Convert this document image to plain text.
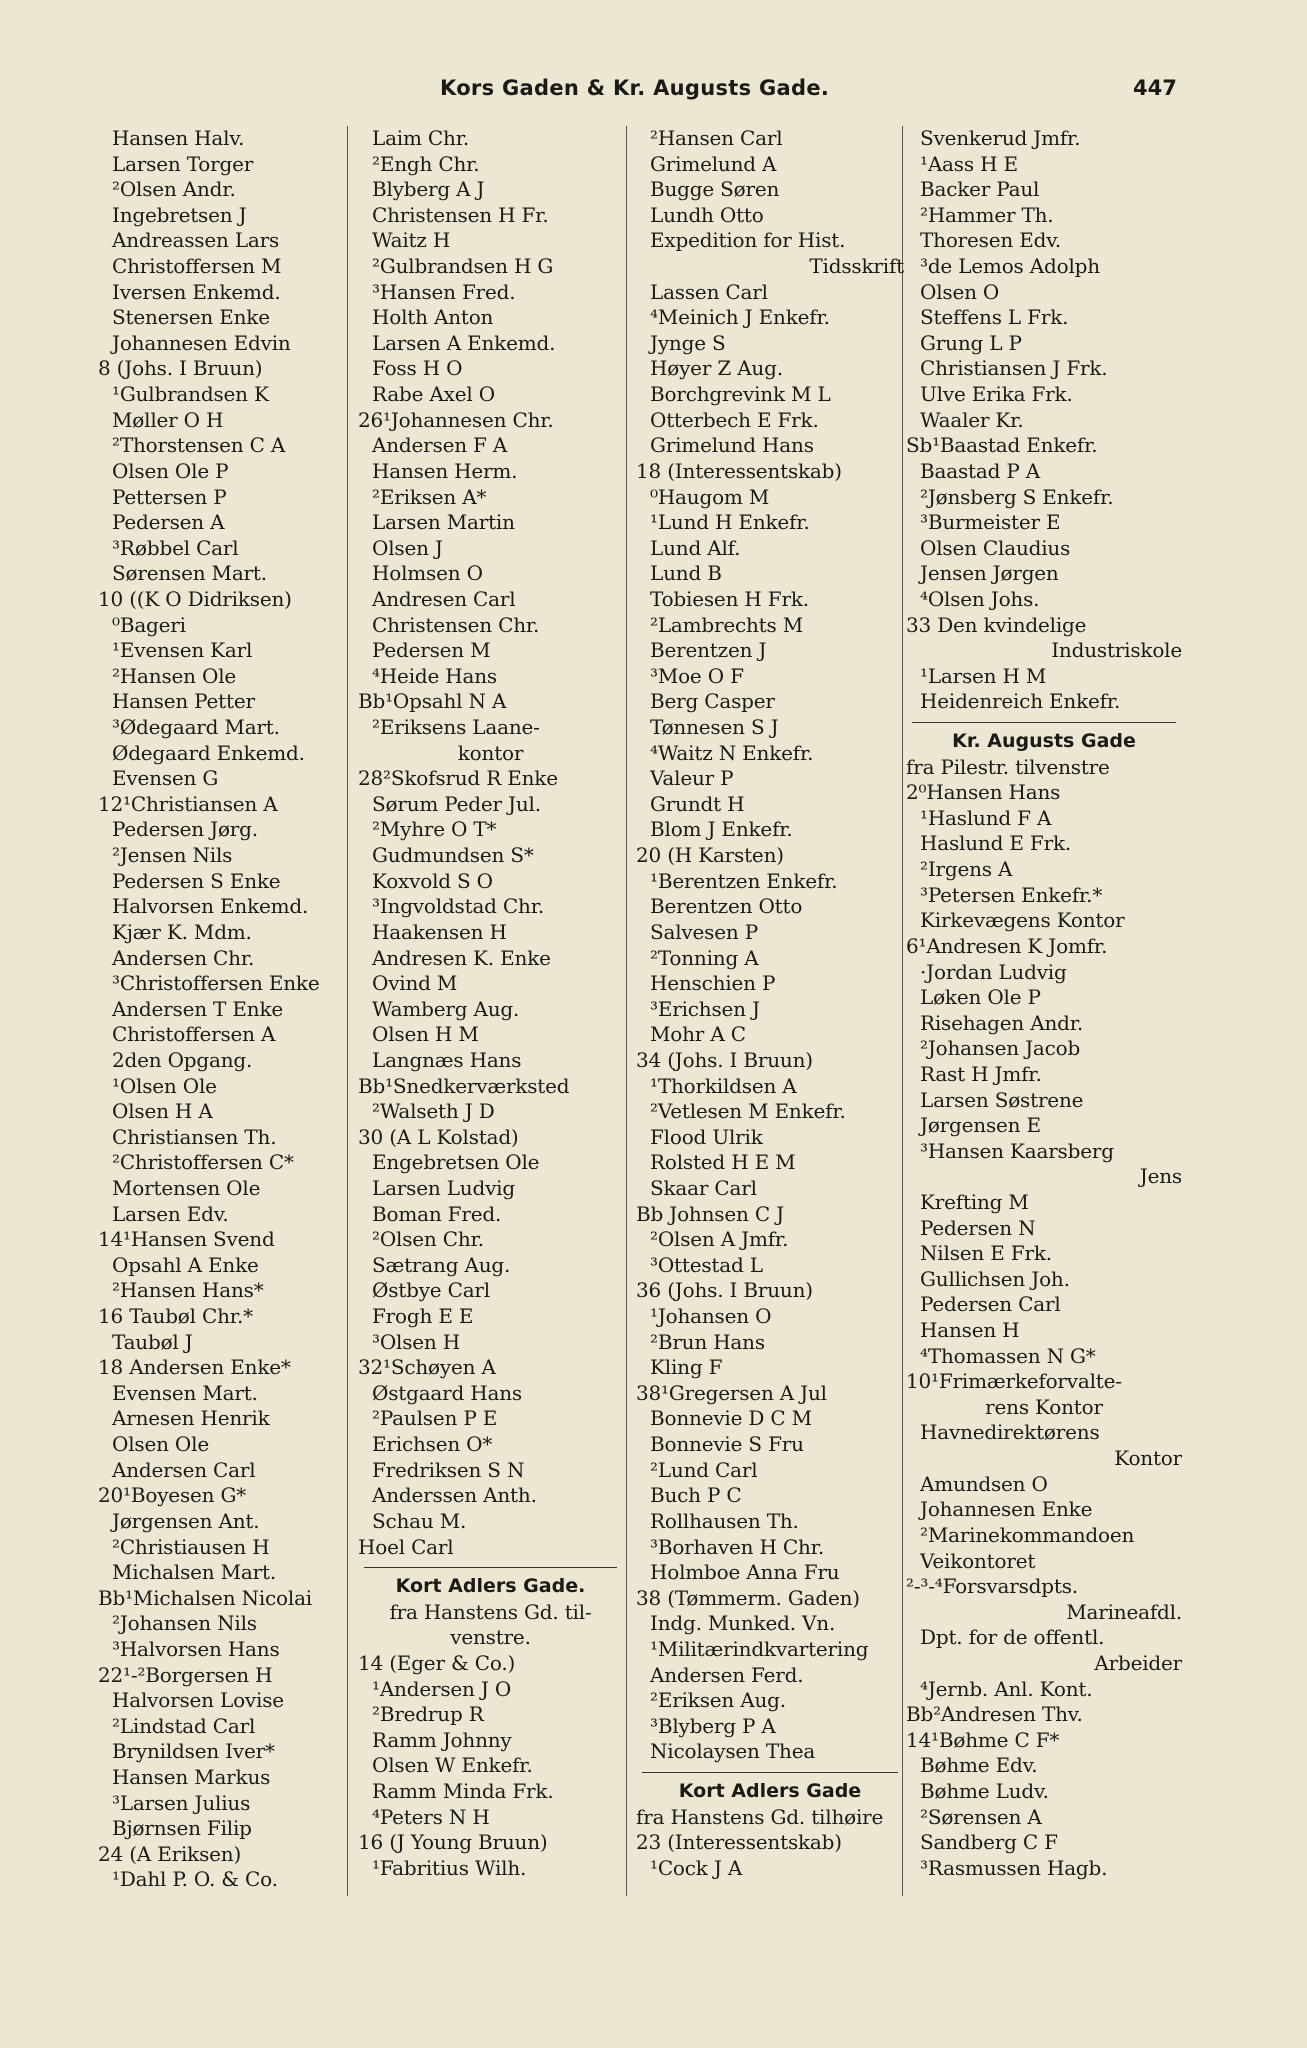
Kors Gaden & Kr. Augusts Gade.	447
Hansen Halv.
Larsen Torger
²Olsen Andr.
Ingebretsen J
Andreassen Lars
Christoffersen M
Iversen Enkemd.
Stenersen Enke
Johannesen Edvin
8 (Johs. I Bruun)
¹Gulbrandsen K
Møller O H
²Thorstensen C A
Olsen Ole P
Pettersen P
Pedersen A
³Røbbel Carl
Sørensen Mart.
10 ((K O Didriksen)
⁰Bageri
¹Evensen Karl
²Hansen Ole
Hansen Petter
³Ødegaard Mart.
Ødegaard Enkemd.
Evensen G
12¹Christiansen A
Pedersen Jørg.
²Jensen Nils
Pedersen S Enke
Halvorsen Enkemd.
Kjær K. Mdm.
Andersen Chr.
³Christoffersen Enke
Andersen T Enke
Christoffersen A
2den Opgang.
¹Olsen Ole
Olsen H A
Christiansen Th.
²Christoffersen C*
Mortensen Ole
Larsen Edv.
14¹Hansen Svend
Opsahl A Enke
²Hansen Hans*
16 Taubøl Chr.*
Taubøl J
18 Andersen Enke*
Evensen Mart.
Arnesen Henrik
Olsen Ole
Andersen Carl
20¹Boyesen G*
Jørgensen Ant.
²Christiausen H
Michalsen Mart.
Bb¹Michalsen Nicolai
²Johansen Nils
³Halvorsen Hans
22¹-²Borgersen H
Halvorsen Lovise
²Lindstad Carl
Brynildsen Iver*
Hansen Markus
³Larsen Julius
Bjørnsen Filip
24 (A Eriksen)
¹Dahl P. O. & Co.
Laim Chr.
²Engh Chr.
Blyberg A J
Christensen H Fr.
Waitz H
²Gulbrandsen H G
³Hansen Fred.
Holth Anton
Larsen A Enkemd.
Foss H O
Rabe Axel O
26¹Johannesen Chr.
Andersen F A
Hansen Herm.
²Eriksen A*
Larsen Martin
Olsen J
Holmsen O
Andresen Carl
Christensen Chr.
Pedersen M
⁴Heide Hans
Bb¹Opsahl N A
²Eriksens Laane-
kontor
28²Skofsrud R Enke
Sørum Peder Jul.
²Myhre O T*
Gudmundsen S*
Koxvold S O
³Ingvoldstad Chr.
Haakensen H
Andresen K. Enke
Ovind M
Wamberg Aug.
Olsen H M
Langnæs Hans
Bb¹Snedkerværksted
²Walseth J D
30 (A L Kolstad)
Engebretsen Ole
Larsen Ludvig
Boman Fred.
²Olsen Chr.
Sætrang Aug.
Østbye Carl
Frogh E E
³Olsen H
32¹Schøyen A
Østgaard Hans
²Paulsen P E
Erichsen O*
Fredriksen S N
Anderssen Anth.
Schau M.
Hoel Carl
Kort Adlers Gade.
fra Hanstens Gd. til-
venstre.
14 (Eger & Co.)
¹Andersen J O
²Bredrup R
Ramm Johnny
Olsen W Enkefr.
Ramm Minda Frk.
⁴Peters N H
16 (J Young Bruun)
¹Fabritius Wilh.
²Hansen Carl
Grimelund A
Bugge Søren
Lundh Otto
Expedition for Hist.
Tidsskrift
Lassen Carl
⁴Meinich J Enkefr.
Jynge S
Høyer Z Aug.
Borchgrevink M L
Otterbech E Frk.
Grimelund Hans
18 (Interessentskab)
⁰Haugom M
¹Lund H Enkefr.
Lund Alf.
Lund B
Tobiesen H Frk.
²Lambrechts M
Berentzen J
³Moe O F
Berg Casper
Tønnesen S J
⁴Waitz N Enkefr.
Valeur P
Grundt H
Blom J Enkefr.
20 (H Karsten)
¹Berentzen Enkefr.
Berentzen Otto
Salvesen P
²Tonning A
Henschien P
³Erichsen J
Mohr A C
34 (Johs. I Bruun)
¹Thorkildsen A
²Vetlesen M Enkefr.
Flood Ulrik
Rolsted H E M
Skaar Carl
Bb Johnsen C J
²Olsen A Jmfr.
³Ottestad L
36 (Johs. I Bruun)
¹Johansen O
²Brun Hans
Kling F
38¹Gregersen A Jul
Bonnevie D C M
Bonnevie S Fru
²Lund Carl
Buch P C
Rollhausen Th.
³Borhaven H Chr.
Holmboe Anna Fru
38 (Tømmerm. Gaden)
Indg. Munked. Vn.
¹Militærindkvartering
Andersen Ferd.
²Eriksen Aug.
³Blyberg P A
Nicolaysen Thea
Kort Adlers Gade
fra Hanstens Gd. tilhøire
23 (Interessentskab)
¹Cock J A
Svenkerud Jmfr.
¹Aass H E
Backer Paul
²Hammer Th.
Thoresen Edv.
³de Lemos Adolph
Olsen O
Steffens L Frk.
Grung L P
Christiansen J Frk.
Ulve Erika Frk.
Waaler Kr.
Sb¹Baastad Enkefr.
Baastad P A
²Jønsberg S Enkefr.
³Burmeister E
Olsen Claudius
Jensen Jørgen
⁴Olsen Johs.
33 Den kvindelige
Industriskole
¹Larsen H M
Heidenreich Enkefr.
Kr. Augusts Gade
fra Pilestr. tilvenstre
2⁰Hansen Hans
¹Haslund F A
Haslund E Frk.
²Irgens A
³Petersen Enkefr.*
Kirkevægens Kontor
6¹Andresen K Jomfr.
·Jordan Ludvig
Løken Ole P
Risehagen Andr.
²Johansen Jacob
Rast H Jmfr.
Larsen Søstrene
Jørgensen E
³Hansen Kaarsberg
Jens
Krefting M
Pedersen N
Nilsen E Frk.
Gullichsen Joh.
Pedersen Carl
Hansen H
⁴Thomassen N G*
10¹Frimærkeforvalte-
rens Kontor
Havnedirektørens
Kontor
Amundsen O
Johannesen Enke
²Marinekommandoen
Veikontoret
²-³-⁴Forsvarsdpts.
Marineafdl.
Dpt. for de offentl.
Arbeider
⁴Jernb. Anl. Kont.
Bb²Andresen Thv.
14¹Bøhme C F*
Bøhme Edv.
Bøhme Ludv.
²Sørensen A
Sandberg C F
³Rasmussen Hagb.
